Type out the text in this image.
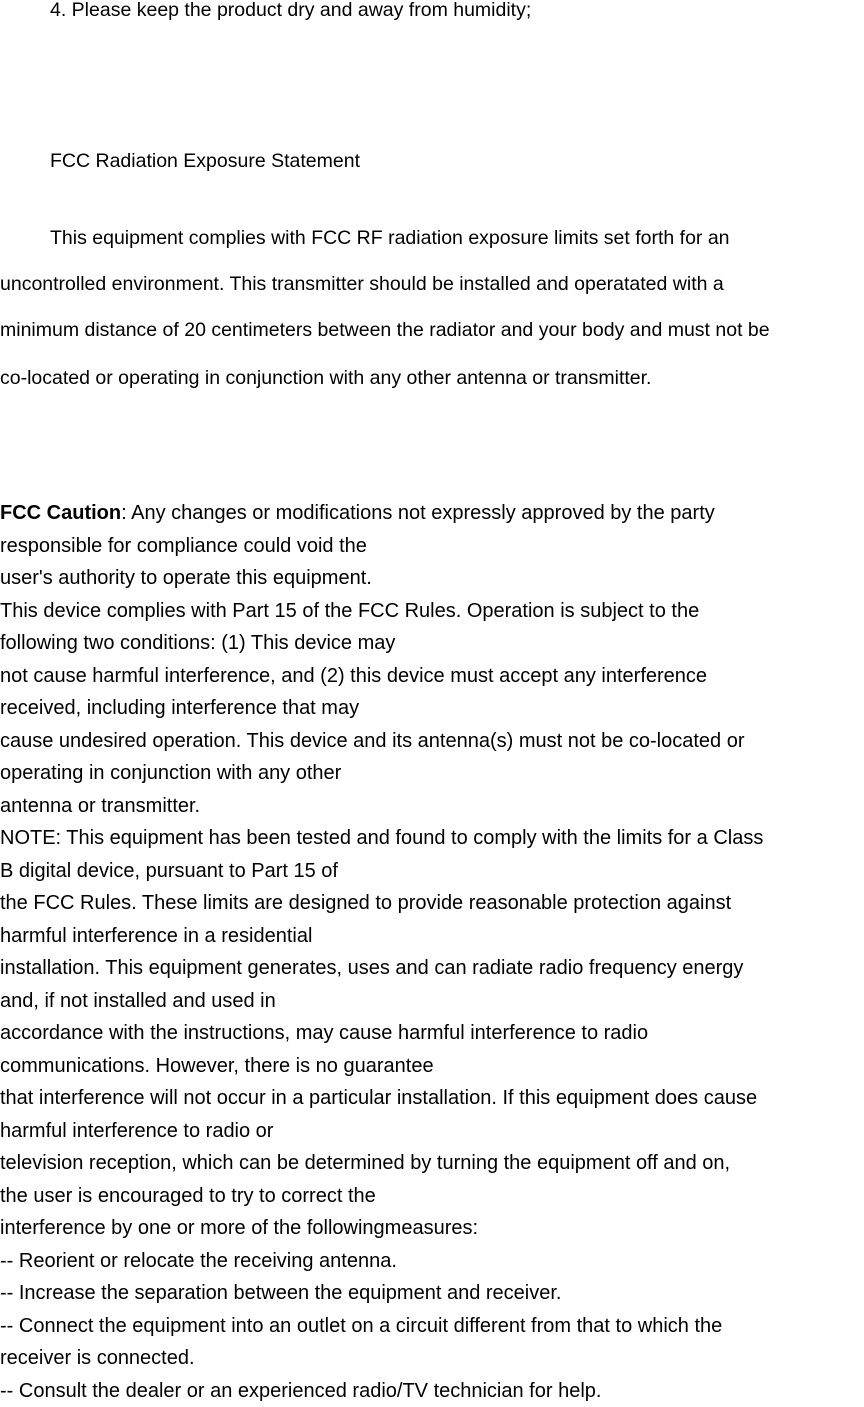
4. Please keep the product dry and away from humidity;
FCC Radiation Exposure Statement
This equipment complies with FCC RF radiation exposure limits set forth for an
uncontrolled environment. This transmitter should be installed and operatated with a
minimum distance of 20 centimeters between the radiator and your body and must not be
co-located or operating in conjunction with any other antenna or transmitter.
FCC Caution: Any changes or modifications not expressly approved by the party
responsible for compliance could void the
user's authority to operate this equipment.
This device complies with Part 15 of the FCC Rules. Operation is subject to the
following two conditions: (1) This device may
not cause harmful interference, and (2) this device must accept any interference
received, including interference that may
cause undesired operation. This device and its antenna(s) must not be co-located or
operating in conjunction with any other
antenna or transmitter.
NOTE: This equipment has been tested and found to comply with the limits for a Class
B digital device, pursuant to Part 15 of
the FCC Rules. These limits are designed to provide reasonable protection against
harmful interference in a residential
installation. This equipment generates, uses and can radiate radio frequency energy
and, if not installed and used in
accordance with the instructions, may cause harmful interference to radio
communications. However, there is no guarantee
that interference will not occur in a particular installation. If this equipment does cause
harmful interference to radio or
television reception, which can be determined by turning the equipment off and on,
the user is encouraged to try to correct the
interference by one or more of the followingmeasures:
-- Reorient or relocate the receiving antenna.
-- Increase the separation between the equipment and receiver.
-- Connect the equipment into an outlet on a circuit different from that to which the
receiver is connected.
-- Consult the dealer or an experienced radio/TV technician for help.
